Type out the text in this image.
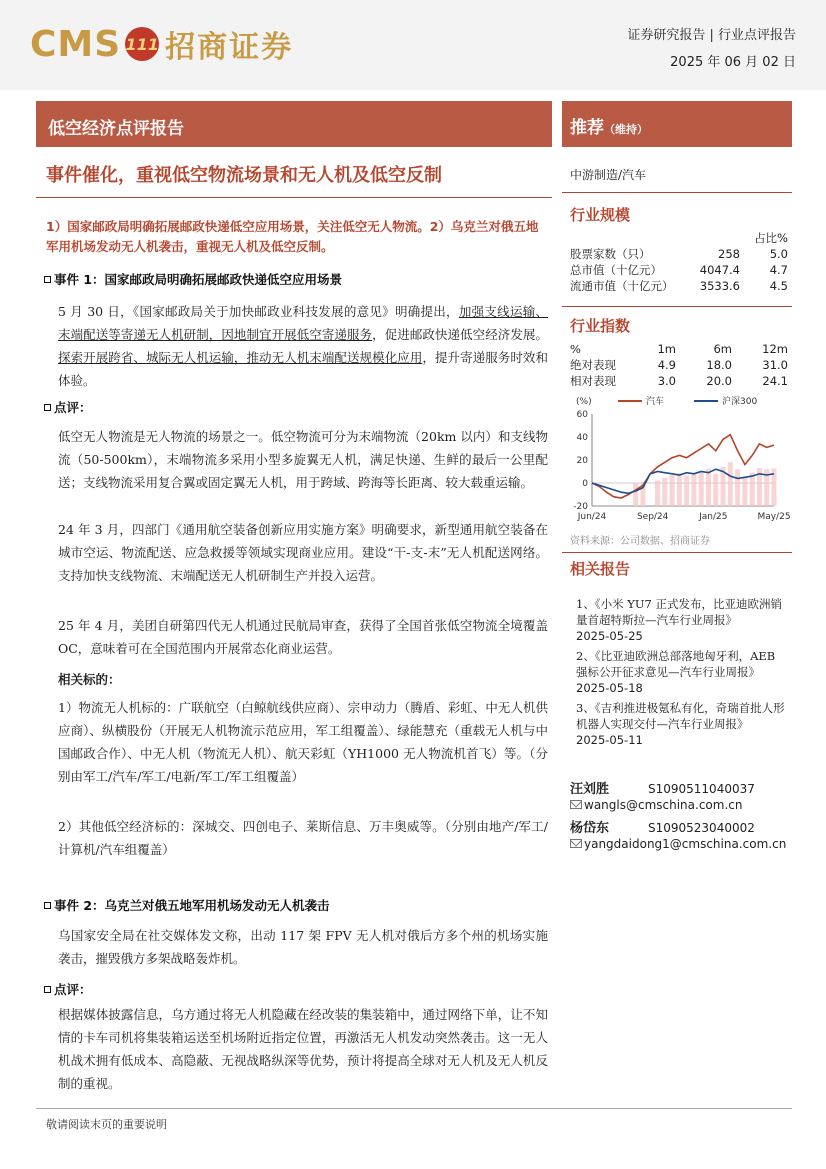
CMS 111 招商证券	证券研究报告 | 行业点评报告
2025 年 06 月 02 日
低空经济点评报告
事件催化，重视低空物流场景和无人机及低空反制
1）国家邮政局明确拓展邮政快递低空应用场景，关注低空无人物流。2）乌克兰对俄五地军用机场发动无人机袭击，重视无人机及低空反制。
事件 1：国家邮政局明确拓展邮政快递低空应用场景
5 月 30 日，《国家邮政局关于加快邮政业科技发展的意见》明确提出，加强支线运输、末端配送等寄递无人机研制，因地制宜开展低空寄递服务，促进邮政快递低空经济发展。探索开展跨省、城际无人机运输，推动无人机末端配送规模化应用，提升寄递服务时效和体验。
点评：
低空无人物流是无人物流的场景之一。低空物流可分为末端物流（20km 以内）和支线物流（50-500km），末端物流多采用小型多旋翼无人机，满足快递、生鲜的最后一公里配送；支线物流采用复合翼或固定翼无人机，用于跨域、跨海等长距离、较大载重运输。
24 年 3 月，四部门《通用航空装备创新应用实施方案》明确要求，新型通用航空装备在城市空运、物流配送、应急救援等领域实现商业应用。建设“干-支-末”无人机配送网络。支持加快支线物流、末端配送无人机研制生产并投入运营。
25 年 4 月，美团自研第四代无人机通过民航局审查，获得了全国首张低空物流全境覆盖 OC，意味着可在全国范围内开展常态化商业运营。
相关标的：
1）物流无人机标的：广联航空（白鲸航线供应商）、宗申动力（腾盾、彩虹、中无人机供应商）、纵横股份（开展无人机物流示范应用，军工组覆盖）、绿能慧充（重载无人机与中国邮政合作）、中无人机（物流无人机）、航天彩虹（YH1000 无人物流机首飞）等。（分别由军工/汽车/军工/电新/军工/军工组覆盖）
2）其他低空经济标的：深城交、四创电子、莱斯信息、万丰奥威等。（分别由地产/军工/计算机/汽车组覆盖）
事件 2：乌克兰对俄五地军用机场发动无人机袭击
乌国家安全局在社交媒体发文称，出动 117 架 FPV 无人机对俄后方多个州的机场实施袭击，摧毁俄方多架战略轰炸机。
点评：
根据媒体披露信息，乌方通过将无人机隐藏在经改装的集装箱中，通过网络下单，让不知情的卡车司机将集装箱运送至机场附近指定位置，再激活无人机发动突然袭击。这一无人机战术拥有低成本、高隐蔽、无视战略纵深等优势，预计将提高全球对无人机及无人机反制的重视。
推荐（维持）
中游制造/汽车
行业规模
		占比%
股票家数（只）	258	5.0
总市值（十亿元）	4047.4	4.7
流通市值（十亿元）	3533.6	4.5
行业指数
%	1m	6m	12m
绝对表现	4.9	18.0	31.0
相对表现	3.0	20.0	24.1
(%)	汽车	沪深300
60
40
20
0
-20
Jun/24	Sep/24	Jan/25	May/25
资料来源：公司数据、招商证券
相关报告
1、《小米 YU7 正式发布，比亚迪欧洲销量首超特斯拉—汽车行业周报》
2025-05-25
2、《比亚迪欧洲总部落地匈牙利，AEB 强标公开征求意见—汽车行业周报》
2025-05-18
3、《吉利推进极氪私有化，奇瑞首批人形机器人实现交付—汽车行业周报》
2025-05-11
汪刘胜	S1090511040037
wangls@cmschina.com.cn
杨岱东	S1090523040002
yangdaidong1@cmschina.com.cn
敬请阅读末页的重要说明
